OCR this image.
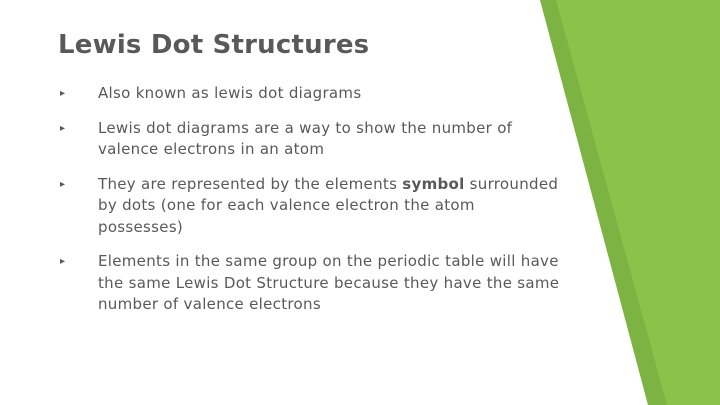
Lewis Dot Structures
▸ Also known as lewis dot diagrams
▸ Lewis dot diagrams are a way to show the number of valence electrons in an atom
▸ They are represented by the elements symbol surrounded by dots (one for each valence electron the atom possesses)
▸ Elements in the same group on the periodic table will have the same Lewis Dot Structure because they have the same number of valence electrons
